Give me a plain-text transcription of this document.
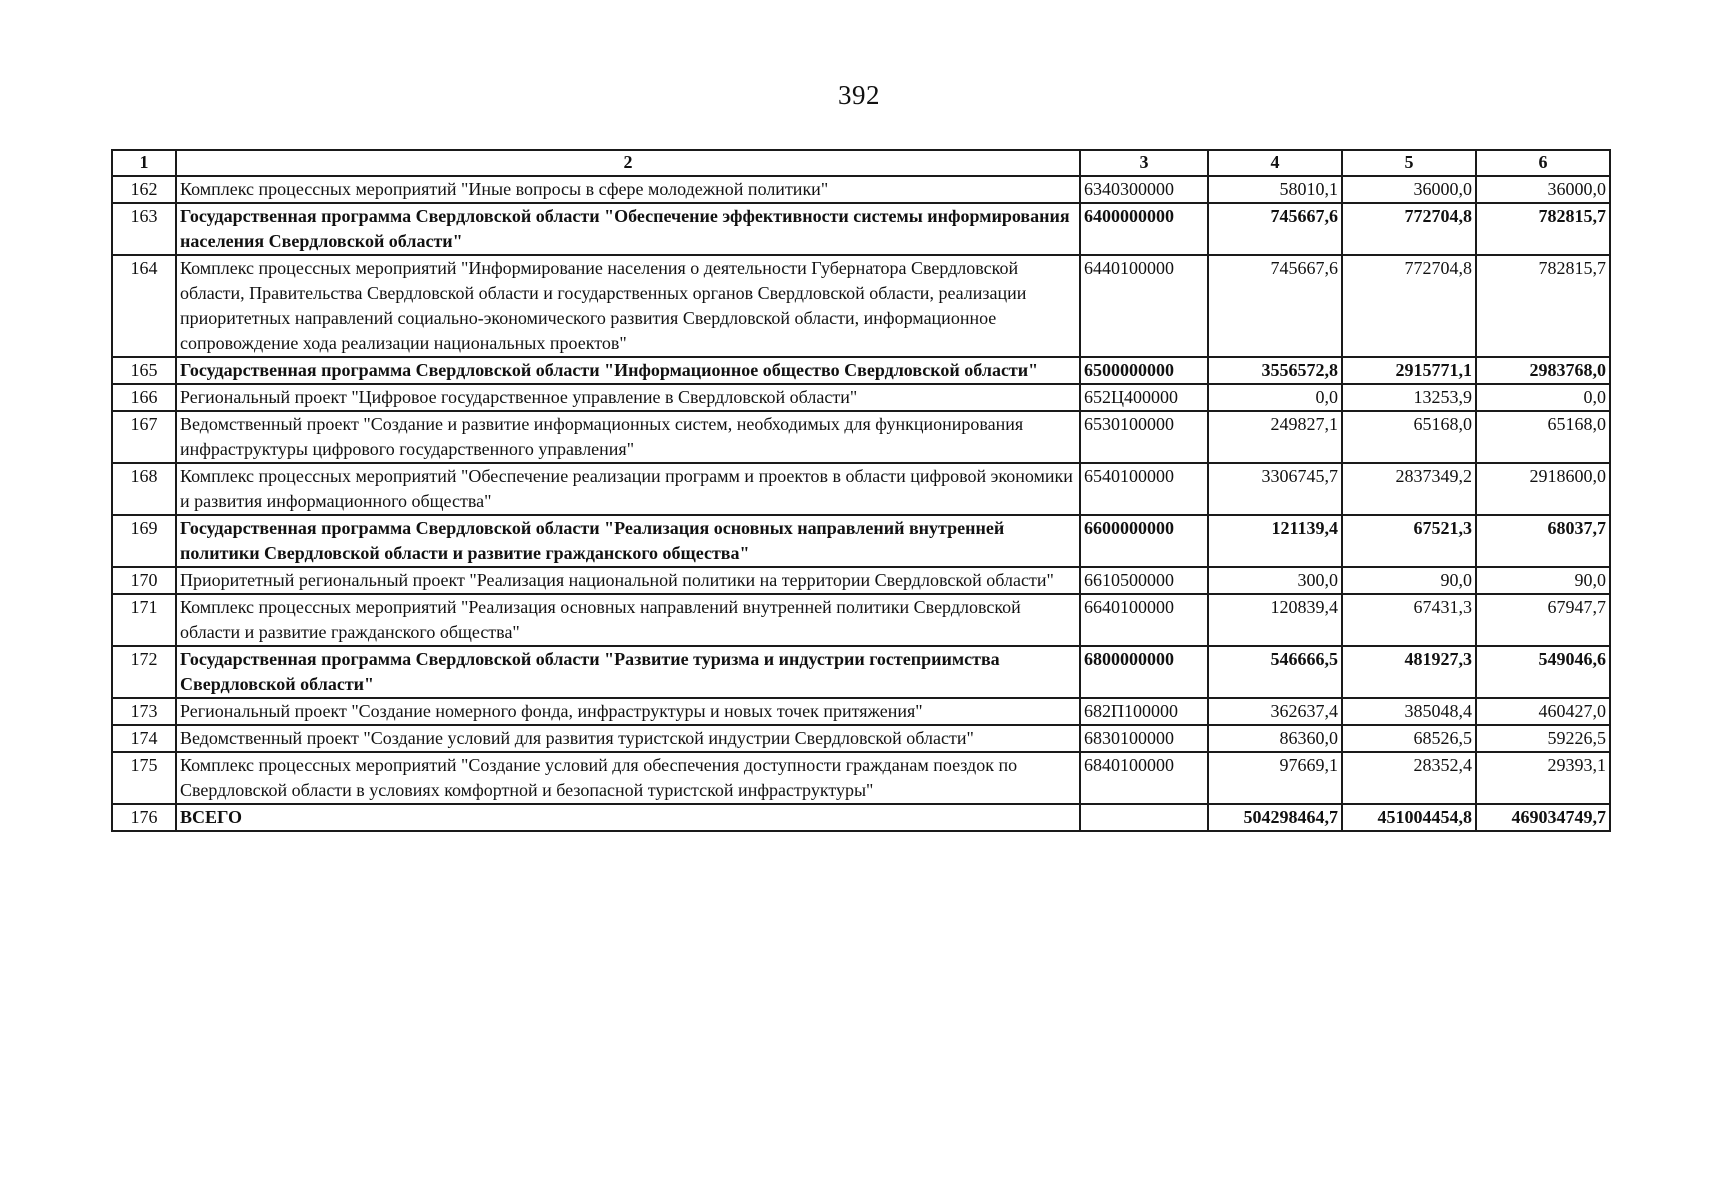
392
1	2	3	4	5	6
162	Комплекс процессных мероприятий "Иные вопросы в сфере молодежной политики"	6340300000	58010,1	36000,0	36000,0
163	Государственная программа Свердловской области "Обеспечение эффективности системы информирования населения Свердловской области"	6400000000	745667,6	772704,8	782815,7
164	Комплекс процессных мероприятий "Информирование населения о деятельности Губернатора Свердловской области, Правительства Свердловской области и государственных органов Свердловской области, реализации приоритетных направлений социально-экономического развития Свердловской области, информационное сопровождение хода реализации национальных проектов"	6440100000	745667,6	772704,8	782815,7
165	Государственная программа Свердловской области "Информационное общество Свердловской области"	6500000000	3556572,8	2915771,1	2983768,0
166	Региональный проект "Цифровое государственное управление в Свердловской области"	652Ц400000	0,0	13253,9	0,0
167	Ведомственный проект "Создание и развитие информационных систем, необходимых для функционирования инфраструктуры цифрового государственного управления"	6530100000	249827,1	65168,0	65168,0
168	Комплекс процессных мероприятий "Обеспечение реализации программ и проектов в области цифровой экономики и развития информационного общества"	6540100000	3306745,7	2837349,2	2918600,0
169	Государственная программа Свердловской области "Реализация основных направлений внутренней политики Свердловской области и развитие гражданского общества"	6600000000	121139,4	67521,3	68037,7
170	Приоритетный региональный проект "Реализация национальной политики на территории Свердловской области"	6610500000	300,0	90,0	90,0
171	Комплекс процессных мероприятий "Реализация основных направлений внутренней политики Свердловской области и развитие гражданского общества"	6640100000	120839,4	67431,3	67947,7
172	Государственная программа Свердловской области "Развитие туризма и индустрии гостеприимства Свердловской области"	6800000000	546666,5	481927,3	549046,6
173	Региональный проект "Создание номерного фонда, инфраструктуры и новых точек притяжения"	682П100000	362637,4	385048,4	460427,0
174	Ведомственный проект "Создание условий для развития туристской индустрии Свердловской области"	6830100000	86360,0	68526,5	59226,5
175	Комплекс процессных мероприятий "Создание условий для обеспечения доступности гражданам поездок по Свердловской области в условиях комфортной и безопасной туристской инфраструктуры"	6840100000	97669,1	28352,4	29393,1
176	ВСЕГО		504298464,7	451004454,8	469034749,7
